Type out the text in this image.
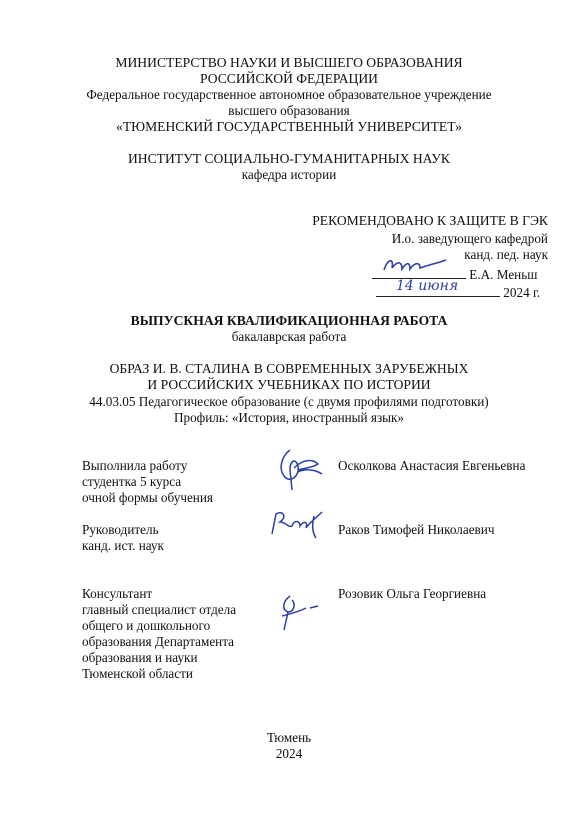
МИНИСТЕРСТВО НАУКИ И ВЫСШЕГО ОБРАЗОВАНИЯ
РОССИЙСКОЙ ФЕДЕРАЦИИ
Федеральное государственное автономное образовательное учреждение
высшего образования
«ТЮМЕНСКИЙ ГОСУДАРСТВЕННЫЙ УНИВЕРСИТЕТ»
ИНСТИТУТ СОЦИАЛЬНО-ГУМАНИТАРНЫХ НАУК
кафедра истории
РЕКОМЕНДОВАНО К ЗАЩИТЕ В ГЭК
И.о. заведующего кафедрой
канд. пед. наук
Е.А. Меньш
14 июня	2024 г.
ВЫПУСКНАЯ КВАЛИФИКАЦИОННАЯ РАБОТА
бакалаврская работа
ОБРАЗ И. В. СТАЛИНА В СОВРЕМЕННЫХ ЗАРУБЕЖНЫХ
И РОССИЙСКИХ УЧЕБНИКАХ ПО ИСТОРИИ
44.03.05 Педагогическое образование (с двумя профилями подготовки)
Профиль: «История, иностранный язык»
Выполнила работу
студентка 5 курса
очной формы обучения
Осколкова Анастасия Евгеньевна
Руководитель
канд. ист. наук
Раков Тимофей Николаевич
Консультант
главный специалист отдела
общего и дошкольного
образования Департамента
образования и науки
Тюменской области
Розовик Ольга Георгиевна
Тюмень
2024
